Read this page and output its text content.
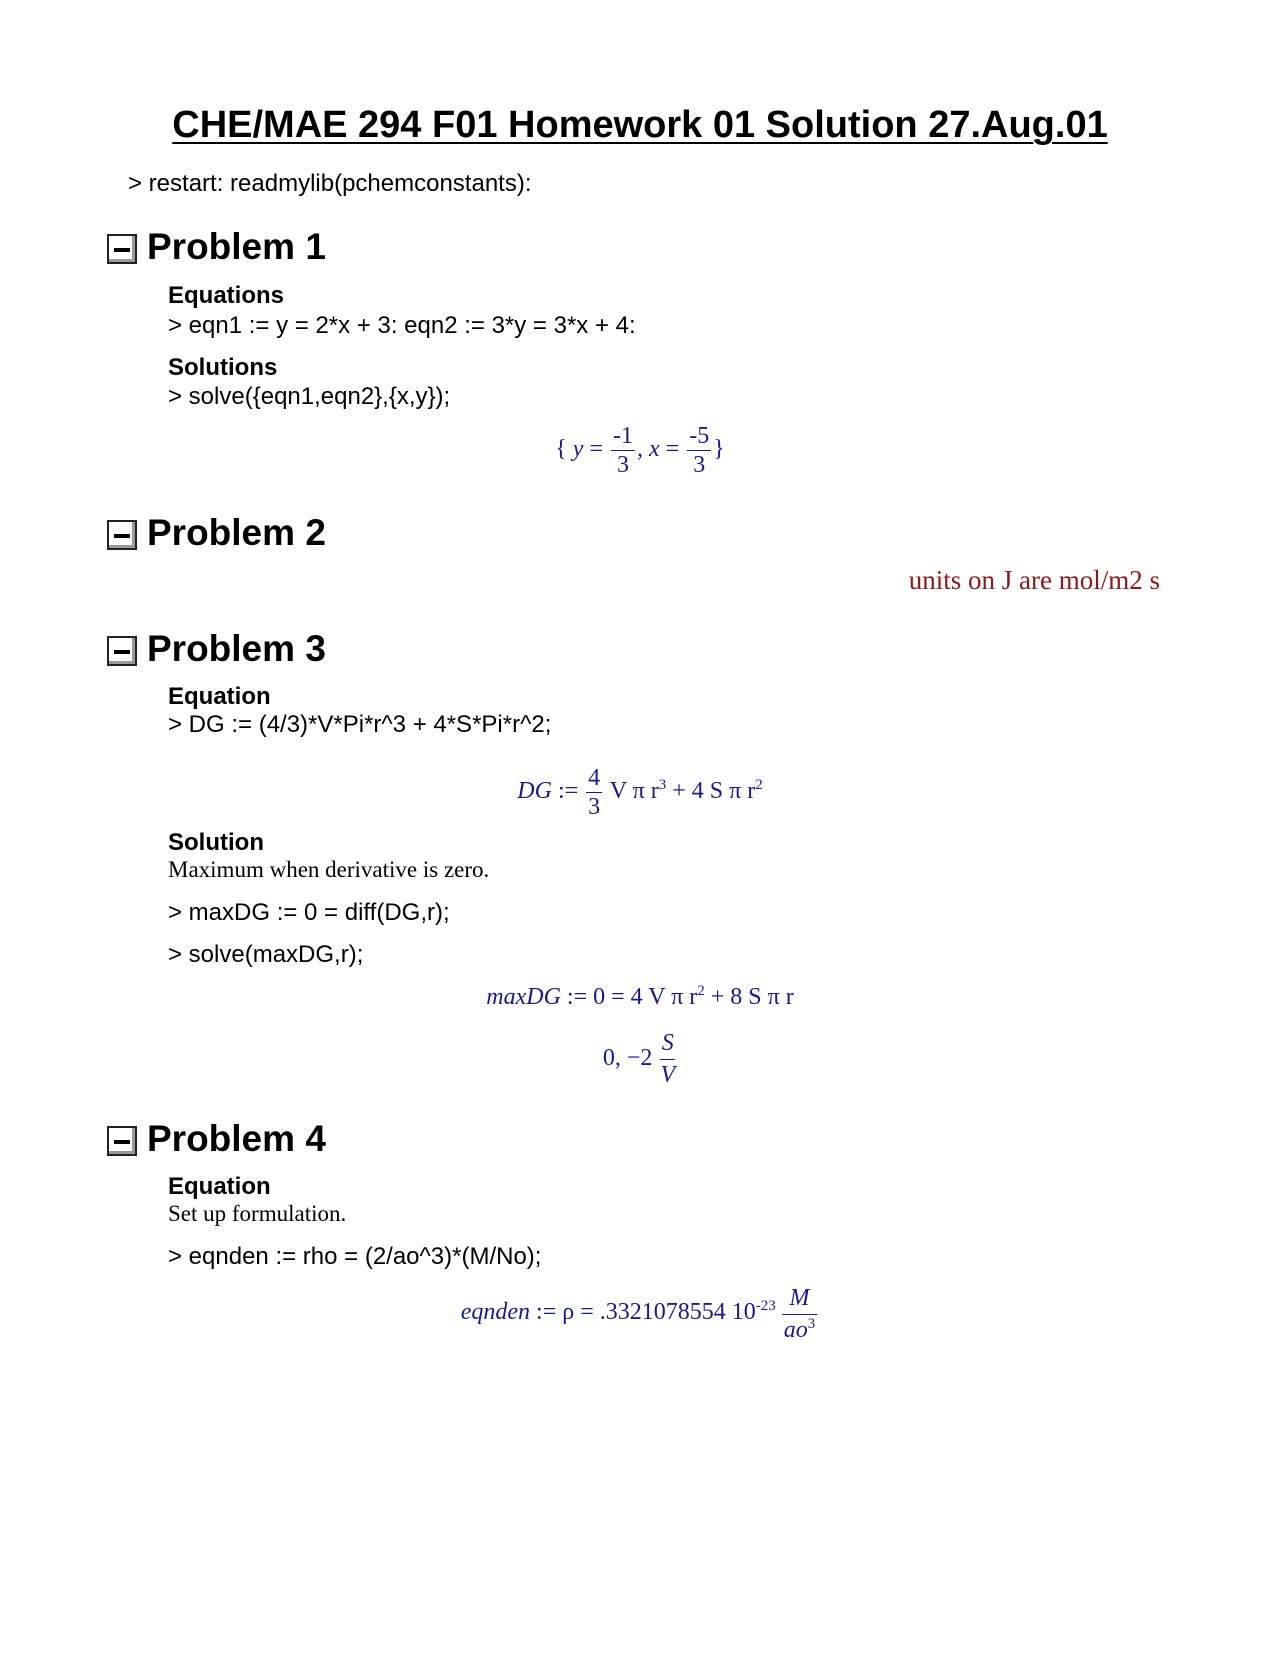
CHE/MAE 294 F01 Homework 01 Solution 27.Aug.01
> restart: readmylib(pchemconstants):
Problem 1
Equations
> eqn1 := y = 2*x + 3: eqn2 := 3*y = 3*x + 4:
Solutions
> solve({eqn1,eqn2},{x,y});
{ $y = \frac{-1}{3}$ , $x = \frac{-5}{3}$ }
Problem 2
units on J are mol/m2 s
Problem 3
Equation
> DG := (4/3)*V*Pi*r^3 + 4*S*Pi*r^2;
DG := $\frac{4}{3}$ V π $r^3 + 4$ S π $r^2$
Solution
Maximum when derivative is zero.
> maxDG := 0 = diff(DG,r);
> solve(maxDG,r);
maxDG := 0 = 4 V π $r^2 + 8$ S π r
0, $-2 \frac{S}{V}$
Problem 4
Equation
Set up formulation.
> eqnden := rho = (2/ao^3)*(M/No);
eqnden := ρ = .3321078554 $10^{-23} \frac{M}{ao^3}$
